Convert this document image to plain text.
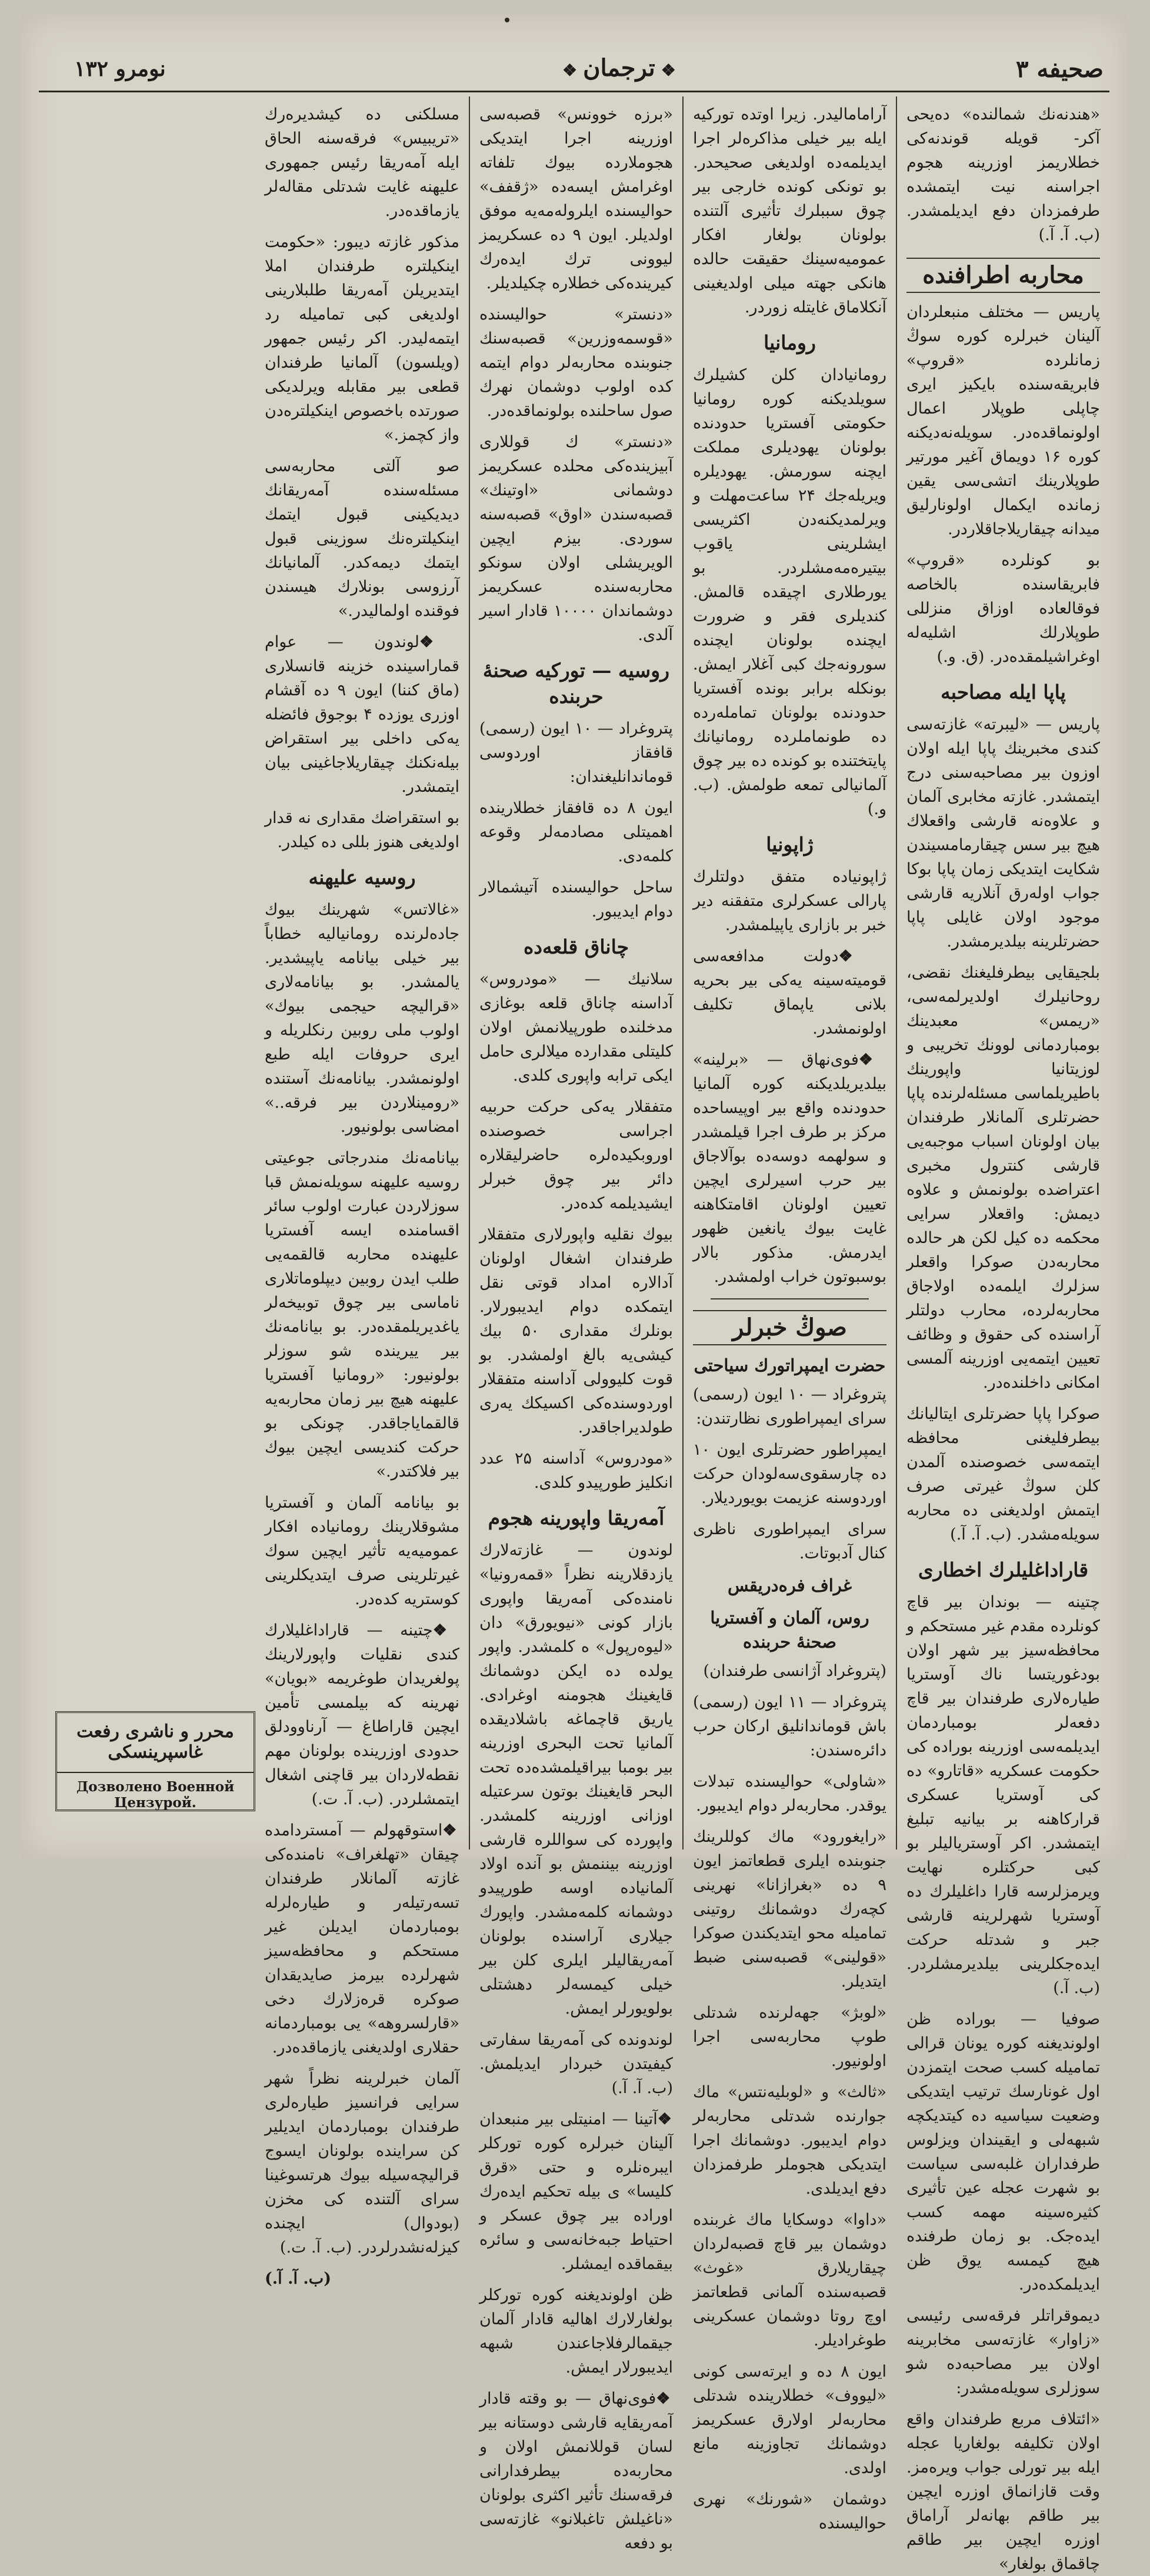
صحیفه ۳
❖ ترجمان ❖
نومرو ۱۳۲

«هندنه‌نك شمالنده‌» ده‌یحی آکر- قویله‌ قوندنه‌کی خطلاریمز اوزرینه هجوم اجراسنه نیت ایتمشده طرفمزدان دفع ایدیلمشدر. (ب. آ. آ.)

محاربه اطرافنده

پاریس — مختلف منبعلردان آلینان خبرلره کوره سوڭ زمانلرده «قروپ» فابریقه‌سنده بایکیز ایری چاپلی طوپلار اعمال اولونماقده‌در. سویله‌نه‌دیکنه کوره ۱۶ دویماق آغیر مورتیر طوپلارینك اتشی‌سی یقین زمانده ایکمال اولونارلیق میدانه چیقاریلاجاقلاردر.

بو کونلرده «قروپ» فابریقاسنده بالخاصه فوقالعاده اوزاق منزللی طوپلارلك اشلیه‌له اوغراشیلمقده‌در. (ق. و.)

پاپا ایله مصاحبه

پاریس — «لیبرته» غازته‌سی کندی مخبرینك پاپا ایله اولان اوزون بیر مصاحبه‌سنی درج ایتمشدر. غازته مخابری آلمان و علاوه‌نه قارشی واقعلاك هیچ بیر سس چیقارمامسیندن شکایت ایتدیکی زمان پاپا بوکا جواب اوله‌رق آنلاریه قارشی موجود اولان غایلی پاپا حضرتلرینه بیلدیرمشدر.

بلجیقایی بیطرفلیغنك نقضی، روحانیلرك اولدیرلمه‌سی، «ریمس» معبدینك بومباردمانی لوونك تخریبی و لوزیتانیا واپورینك باطیریلماسی مسئله‌لرنده پاپا حضرتلری آلمانلار طرفندان بیان اولونان اسباب موجبه‌یی قارشی کنترول مخبری اعتراضده بولونمش و علاوه دیمش: واقعلار سرایی محکمه ده کیل لکن هر حالده محاربه‌دن صوکرا واقعلر سزلرك ایلمه‌ده اولاجاق محاربه‌لرده، محارب دولتلر آراسنده کی حقوق و وظائف تعیین ایتمه‌یی اوزرینه آلمسی امکانی داخلنده‌در.

صوکرا پاپا حضرتلری ایتالیانك بیطرفلیغنی محافظه ایتمه‌سی خصوصنده آلمدن کلن سوڭ غیرتی صرف ایتمش اولدیغنی ده محاربه سویله‌مشدر. (ب. آ. آ.)

قاراداغلیلرك اخطاری

چتینه — بوندان بیر قاچ کونلرده مقدم غیر مستحکم و محافظه‌سیز بیر شهر اولان بودغوریتسا ناك آوستریا طیاره‌لاری طرفندان بیر قاچ دفعه‌لر بومباردمان ایدیلمه‌سی اوزرینه بوراده کی حکومت عسکریه «قاتارو» ده کی آوستریا عسکری قرارکاهنه بر بیانیه تبلیغ ایتمشدر. اکر آوستریالیلر بو کبی حرکتلره نهایت ویرمزلرسه قارا داغلیلرك ده آوستریا شهرلرینه قارشی جبر و شدتله حرکت ایده‌جکلرینی بیلدیرمشلردر. (ب. آ.)

صوفیا — بوراده ظن اولوندیغنه کوره یونان قرالی تمامیله کسب صحت ایتمزدن اول غونارسك ترتیب ایتدیکی وضعیت سیاسیه ده کیتدیکچه شبهه‌لی و ایقیندان ویزلوس طرفداران غلبه‌سی سیاست بو شهرت عجله عین تأثیری کثیره‌سینه مهمه کسب ایده‌جک. بو زمان طرفنده هیچ کیمسه یوق ظن ایدیلمکده‌در.

دیموقراتلر فرقه‌سی رئیسی «زاوار» غازته‌سی مخابرینه اولان بیر مصاحبه‌ده شو سوزلری سویله‌مشدر:

«ائتلاف مربع طرفندان واقع اولان تکلیفه بولغاریا عجله ایله بیر تورلی جواب ویره‌مز. وقت قازانماق اوزره ایچین بیر طاقم بهانه‌لر آراماق اوزره ایچین بیر طاقم چاقماق بولغار»

آراماماليدر. زیرا اوتده توركیه ایله بیر خیلی مذاکره‌لر اجرا ایدیلمه‌ده اولدیغی صحیحدر. بو تونکی کونده خارجی بیر چوق سببلرك تأثیری آلتنده بولونان بولغار افکار عمومیه‌سینك حقیقت حالده هانکی جهته میلی اولدیغینی آنکلاماق غایتله زوردر.

رومانیا

رومانیادان کلن کشیلرك سویلدیکنه کوره رومانیا حکومتی آفستریا حدودنده بولونان یهودیلری مملکت ایچنه سورمش. یهودیلره ویریله‌جك ۲۴ ساعت‌مهلت و ویرلمدیکنه‌دن اکثریسی ایشلرینی یاقوب بیتیره‌مه‌مشلردر. بو یورطلاری اچیقده قالمش. کندیلری فقر و ضرورت ایچنده بولونان ایچنده سورونه‌جك کبی آغلار ایمش. بونکله برابر بونده آفستریا حدودنده بولونان تمامله‌رده ده طونماملرده رومانیانك پایتختنده بو کونده ده بیر چوق آلمانیالی تمعه طولمش. (ب. و.)

ژاپونیا

ژاپونیاده متفق دولتلرك پارالی عسکرلری متفقنه دیر خبر بر بازاری یاپیلمشدر.

❖ دولت مدافعه‌سی قومیته‌سینه یه‌کی بیر بحریه بلانی یاپماق تکلیف اولونمشدر.

❖ فوی‌نهاق — «برلینه» بیلدیریلدیکنه کوره آلمانیا حدودنده واقع بیر اوپیساحده مرکز بر طرف اجرا قیلمشدر و سولهمه دوسه‌ده بوآلاجاق بیر حرب اسیرلری ایچین تعیین اولونان اقامتکاهنه غایت بیوك یانغین ظهور ایدرمش. مذکور بالار بوسبوتون خراب اولمشدر.

صوڭ خبرلر
حضرت ایمپراتورك سیاحتی

پتروغراد — ۱۰ ایون (رسمی) سرای ایمپراطوری نظارتندن:

ایمپراطور حضرتلری ایون ۱۰ ده چارسقوی‌سه‌لودان حرکت اوردوسنه عزیمت بویوردیلار.

سرای ایمپراطوری ناظری کنال آدبوتات.

غراف فره‌دریقس
روس، آلمان و آفستریا صحنهٔ حربنده

(پتروغراد آژانسی طرفندان)

پتروغراد — ۱۱ ایون (رسمی) باش قوماندانلیق ارکان حرب دائره‌سندن:

«شاولی» حوالیسنده تبدلات یوقدر. محاربه‌لر دوام ایدیبور.

«رایغورود» ماك کوللرینك جنوبنده ایلری قطعاتمز ایون ۹ ده «بغرازانا» نهرینی کچه‌رك دوشمانك روتینی تمامیله محو ایتدیکندن صوکرا «قولینی» قصبه‌سنی ضبط ایتدیلر.

«لوبژ» جهه‌لرنده شدتلی طوپ محاربه‌سی اجرا اولونیور.

«ثالث» و «لوبلیه‌نتس» ماك جوارنده شدتلی محاربه‌لر دوام ایدیبور. دوشمانك اجرا ایتدیکی هجوملر طرفمزدان دفع ایدیلدی.

«داوا» دوسکایا ماك غربنده دوشمان بیر قاچ قصبه‌لردان چیقاریلارق «غوث» قصبه‌سنده آلمانی قطعاتمز اوچ روتا دوشمان عسکرینی طوغرادیلر.

ایون ۸ ده و ایرته‌سی کونی «لیووف» خطلارینده شدتلی محاربه‌لر اولارق عسکریمز دوشمانك تجاوزینه مانع اولدی.

دوشمان «شورنك» نهری حوالیسنده

«برزه خوونس» قصبه‌سی اوزرینه اجرا ایتدیکی هجوملارده بیوك تلفاته اوغرامش ایسه‌ده «ژقفف» حوالیسنده ایلروله‌مه‌یه موفق اولدیلر. ایون ۹ ده عسکریمز لیوونی ترك ایده‌رك کیرینده‌کی خطلاره چکیلدیلر.

«دنستر» حوالیسنده «قوسمه‌وزرین» قصبه‌سنك جنوبنده محاربه‌لر دوام ایتمه کده اولوب دوشمان نهرك صول ساحلنده بولونماقده‌در.

«دنستر» ك قوللاری آبیزینده‌کی محلده عسکریمز دوشمانی «اوتینك» قصبه‌سندن «اوق» قصبه‌سنه سوردی. بیزم ایچین الویریشلی اولان سونکو محاربه‌سنده عسکریمز دوشماندان ۱۰۰۰۰ قادار اسیر آلدی.

روسیه — تورکیه صحنهٔ حربنده

پتروغراد — ۱۰ ایون (رسمی) قافقاز اوردوسی قوماندانلیغندان:

ایون ۸ ده قافقاز خطلارینده اهمیتلی مصادمه‌لر وقوعه کلمه‌دی.

ساحل حوالیسنده آتیشمالار دوام ایدیبور.

چاناق قلعه‌ده

سلانیك — «مودروس» آداسنه چاناق قلعه بوغازی مدخلنده طورپیلانمش اولان کلیتلی مقدارده میلالری حامل ایکی ترابه واپوری کلدی.

متفقلار یه‌کی حرکت حربیه اجراسی خصوصنده اوروبکیده‌لره حاضرلیقلاره دائر بیر چوق خبرلر ایشیدیلمه کده‌در.

بیوك نقلیه واپورلاری متفقلار طرفندان اشغال اولونان آدالاره امداد قوتی نقل ایتمکده دوام ایدیبورلار. بونلرك مقداری ۵۰ بیك کیشی‌یه بالغ اولمشدر. بو قوت کلیوولی آداسنه متفقلار اوردوسنده‌کی اکسیکك یه‌ری طولدیراجاقدر.

«مودروس» آداسنه ۲۵ عدد انکلیز طورپیدو کلدی.

آمه‌ریقا واپورینه هجوم

لوندون — غازته‌لارك یازدقلارینه نظراً «قمه‌رونیا» نامنده‌کی آمه‌ریقا واپوری بازار کونی «نیویورق» دان «لیوه‌رپول» ه کلمشدر. واپور یولده ده ایکن دوشمانك قایغینك هجومنه اوغرادی. یاریق قاچماغه باشلادیقده آلمانیا تحت البحری اوزرینه بیر بومبا بیراقیلمشده‌ده تحت البحر قایغینك بوتون سرعتیله اوزانی اوزرینه کلمشدر. واپورده کی سواللره قارشی اوزرینه بیننمش بو آنده اولاد آلمانیاده اوسه طورپیدو دوشمانه کلمه‌مشدر. واپورك جیلاری آراسنده بولونان آمه‌ریقالیلر ایلری کلن بیر خیلی کیمسه‌لر دهشتلی بولویورلر ایمش.

لوندونده کی آمه‌ریقا سفارتی کیفیتدن خبردار ایدیلمش. (ب. آ. آ.)

❖ آتینا — امنیتلی بیر منبعدان آلینان خبرلره کوره تورکلر ایبره‌نلره و حتی «قرق کلیسا» ی بیله تحکیم ایده‌رك اوراده بیر چوق عسکر و احتیاط جبه‌خانه‌سی و سائره بیقماقده ایمشلر.

ظن اولوندیغنه کوره تورکلر بولغارلارك اهالیه قادار آلمان جیقمالرفلاجاعندن شبهه ایدیبورلار ایمش.

❖ فوی‌نهاق — بو وقته قادار آمه‌ریقایه قارشی دوستانه بیر لسان قوللانمش اولان و محاربه‌ده بیطرفدارانی فرقه‌سنك تأثیر اکثری بولونان «ناغیلش تاغبلانو» غازته‌سی بو دفعه

مسلکنی ده کیشدیره‌رك «تریبیس» فرقه‌سنه الحاق ایله آمه‌ریقا رئیس جمهوری علیهنه غایت شدتلی مقاله‌لر یازماقده‌در.

مذکور غازته دیبور: «حکومت اینکیلتره طرفندان املا ایتدیریلن آمه‌ریقا طلبلارینی اولدیغی کبی تمامیله رد ایتمه‌لیدر. اکر رئیس جمهور (ویلسون) آلمانیا طرفندان قطعی بیر مقابله ویرلدیکی صورتده باخصوص اینکیلتره‌دن واز کچمز.»

صو آلتی محاربه‌سی مسئله‌سنده آمه‌ریقانك دیدیکینی قبول ایتمك اینکیلتره‌نك سوزینی قبول ایتمك دیمه‌کدر. آلمانیانك آرزوسی بونلارك هیسندن فوقنده اولمالیدر.»

❖ لوندون — عوام قماراسینده خزینه قانسلاری (ماق کننا) ایون ۹ ده آقشام اوزری یوزده ۴ بوجوق فائضله یه‌کی داخلی بیر استقراض بیله‌نکنك چیقاریلاجاغینی بیان ایتمشدر.

بو استقراضك مقداری نه قدار اولدیغی هنوز بللی ده کیلدر.

روسیه علیهنه

«غالاتس» شهرینك بیوك جاده‌لرنده رومانیالیه خطاباً بیر خیلی بیانامه یاپیشدیر. یالمشدر. بو بیانامه‌لاری «قرالیچه حیجمی بیوك» اولوب ملی روبین رنکلریله و ایری حروفات ایله طبع اولونمشدر. بیانامه‌نك آستنده «رومینلاردن بیر فرقه..» امضاسی بولونیور.

بیانامه‌نك مندرجاتی جوعیتی روسیه علیهنه سویله‌نمش قبا سوزلاردن عبارت اولوب سائر اقسامنده ایسه آفستریا علیهنده محاربه قالقمه‌یی طلب ایدن روبین دیپلوماتلاری ناماسی بیر چوق توبیخه‌لر یاغدیریلمقده‌در. بو بیانامه‌نك بیر ییرینده شو سوزلر بولونیور: «رومانیا آفستریا علیهنه هیچ بیر زمان محاربه‌یه قالقمایاجاقدر. چونکی بو حرکت کندیسی ایچین بیوك بیر فلاکتدر.»

بو بیانامه آلمان و آفستریا مشوقلارینك رومانیاده افکار عمومیه‌یه تأثیر ایچین سوك غیرتلرینی صرف ایتدیکلرینی کوستریه کده‌در.

❖ چتینه — قاراداغلیلارك کندی نقلیات واپورلارینك پولغریدان طوغریمه «بویان» نهرینه که بیلمسی تأمین ایچین قاراطاغ — آرناوودلق حدودی اوزرینده بولونان مهم نقطه‌لاردان بیر قاچنی اشغال ایتمشلردر. (ب. آ. ت.)

❖ استوقهولم — آمستردامده چیقان «تهلغراف» نامنده‌کی غازته آلمانلار طرفندان تسه‌ر‌تیله‌ر و طیاره‌لرله بومباردمان ایدیلن غیر مستحکم و محافظه‌سیز شهرلرده بیرمز صایدیقدان صوکره قره‌زلارك دخی «قارلسروهه» یی بومباردمانه حقلاری اولدیغنی یازماقده‌در.

آلمان خبرلرینه نظراً شهر سرایی فرانسیز طیاره‌لری طرفندان بومباردمان ایدیلیر کن سراینده بولونان ایسوج قرالیچه‌سیله بیوك هرتسوغینا سرای آلتنده کی مخزن (بودوال) ایچنده کیزله‌نشدرلردر. (ب. آ. ت.)

(ب. آ. آ.)

محرر و ناشری رفعت غاسپرینسکی
Дозволено Военной Цензурой.
